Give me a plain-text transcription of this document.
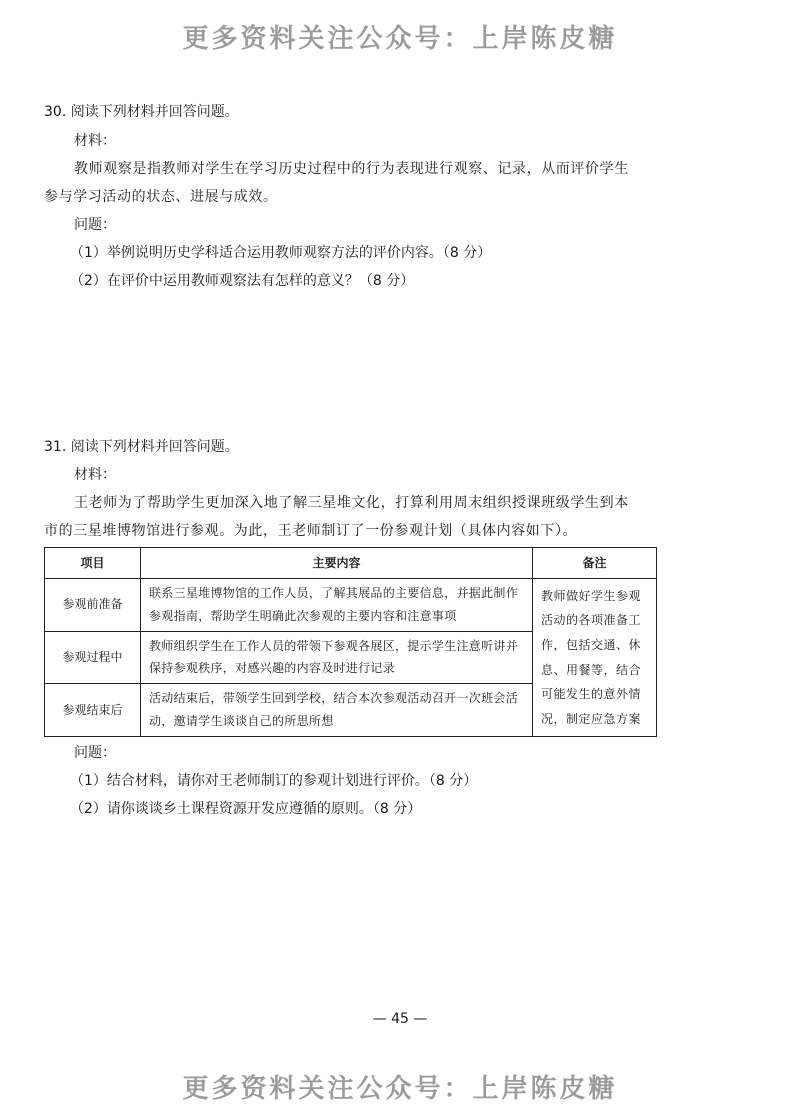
更多资料关注公众号：上岸陈皮糖
30. 阅读下列材料并回答问题。
材料：
教师观察是指教师对学生在学习历史过程中的行为表现进行观察、记录，从而评价学生
参与学习活动的状态、进展与成效。
问题：
（1）举例说明历史学科适合运用教师观察方法的评价内容。（8 分）
（2）在评价中运用教师观察法有怎样的意义？（8 分）
31. 阅读下列材料并回答问题。
材料：
王老师为了帮助学生更加深入地了解三星堆文化，打算利用周末组织授课班级学生到本
市的三星堆博物馆进行参观。为此，王老师制订了一份参观计划（具体内容如下）。
项目	主要内容	备注
参观前准备	联系三星堆博物馆的工作人员，了解其展品的主要信息，并据此制作参观指南，帮助学生明确此次参观的主要内容和注意事项	教师做好学生参观活动的各项准备工作，包括交通、休息、用餐等，结合可能发生的意外情况，制定应急方案
参观过程中	教师组织学生在工作人员的带领下参观各展区，提示学生注意听讲并保持参观秩序，对感兴趣的内容及时进行记录	
参观结束后	活动结束后，带领学生回到学校，结合本次参观活动召开一次班会活动，邀请学生谈谈自己的所思所想	
问题：
（1）结合材料，请你对王老师制订的参观计划进行评价。（8 分）
（2）请你谈谈乡土课程资源开发应遵循的原则。（8 分）
— 45 —
更多资料关注公众号：上岸陈皮糖
